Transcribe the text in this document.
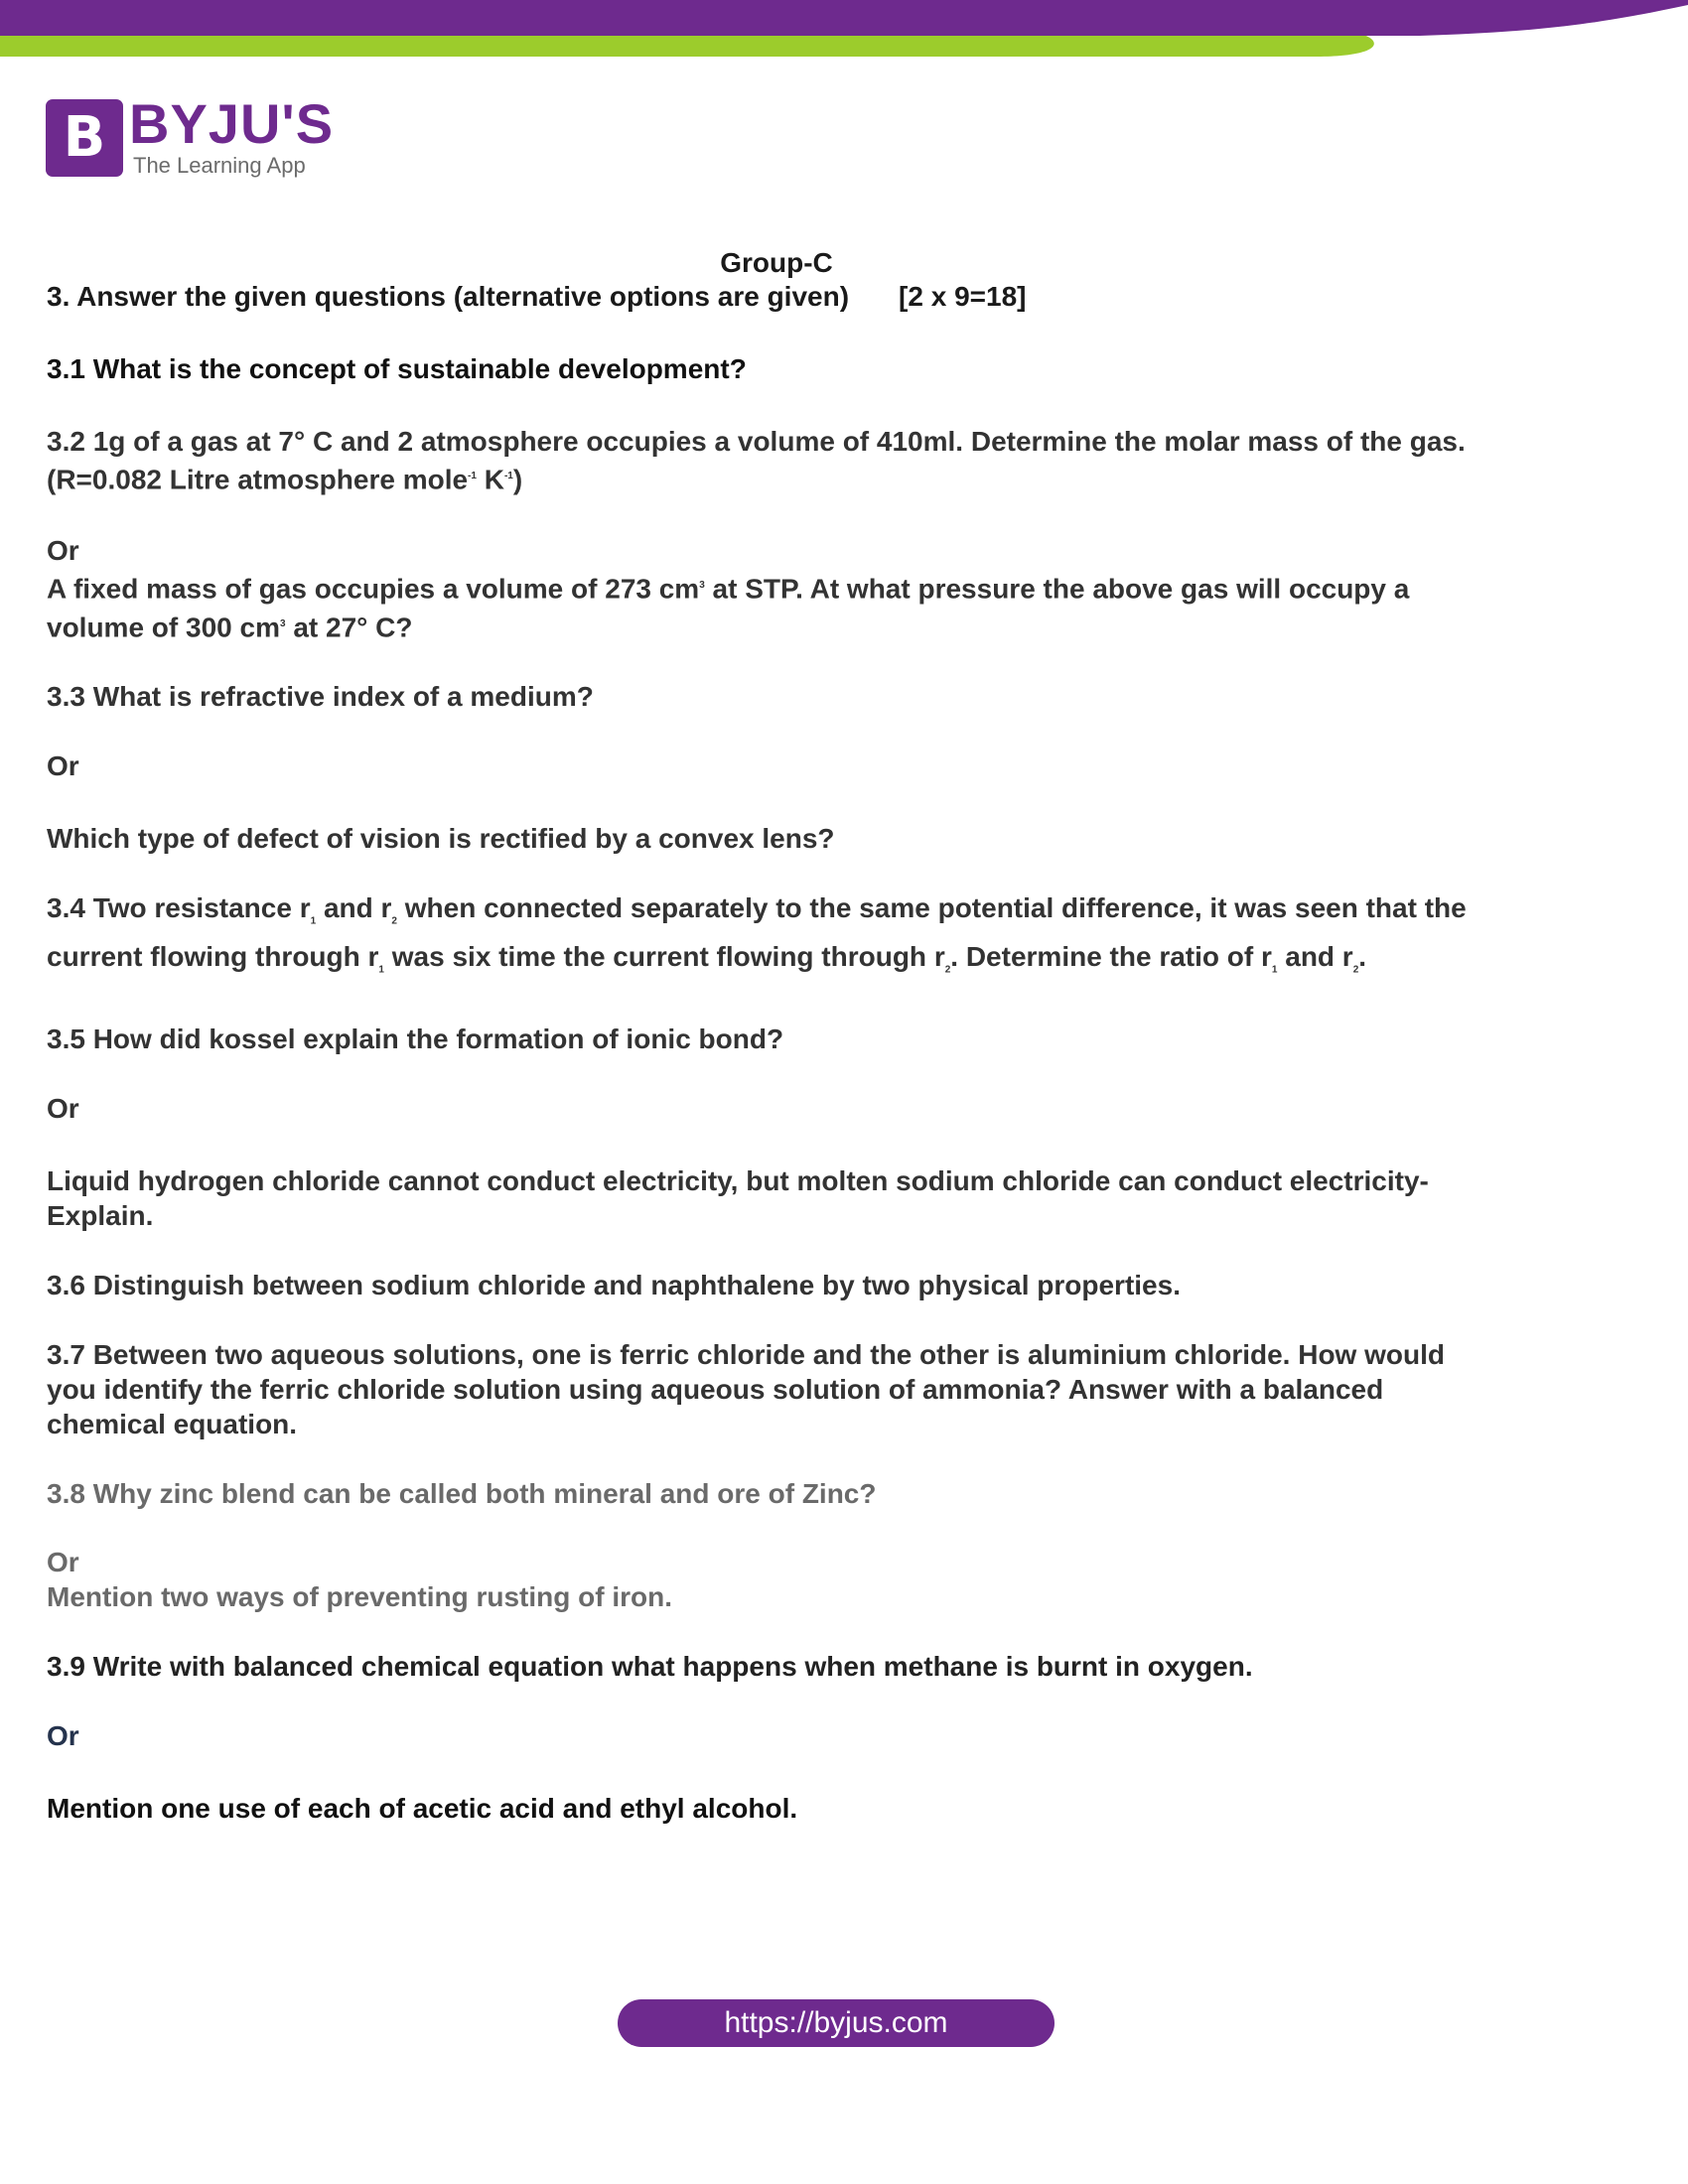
B BYJU'S
The Learning App
Group-C
3. Answer the given questions (alternative options are given) [2 x 9=18]

3.1 What is the concept of sustainable development?

3.2 1g of a gas at 7° C and 2 atmosphere occupies a volume of 410ml. Determine the molar mass of the gas.

(R=0.082 Litre atmosphere mole$^{-1}$ $K^{-1}$)

Or

A fixed mass of gas occupies a volume of 273 $cm^3$ at STP. At what pressure the above gas will occupy a volume of 300 $cm^3$ at 27° C?

3.3 What is refractive index of a medium?

Or

Which type of defect of vision is rectified by a convex lens?

3.4 Two resistance $r_1$ and $r_2$ when connected separately to the same potential difference, it was seen that the current flowing through $r_1$ was six time the current flowing through $r_2$. Determine the ratio of $r_1$ and $r_2$.

3.5 How did kossel explain the formation of ionic bond?

Or

Liquid hydrogen chloride cannot conduct electricity, but molten sodium chloride can conduct electricity- Explain.

3.6 Distinguish between sodium chloride and naphthalene by two physical properties.

3.7 Between two aqueous solutions, one is ferric chloride and the other is aluminium chloride. How would you identify the ferric chloride solution using aqueous solution of ammonia? Answer with a balanced chemical equation.

3.8 Why zinc blend can be called both mineral and ore of Zinc?

Or

Mention two ways of preventing rusting of iron.

3.9 Write with balanced chemical equation what happens when methane is burnt in oxygen.

Or

Mention one use of each of acetic acid and ethyl alcohol.

https://byjus.com
